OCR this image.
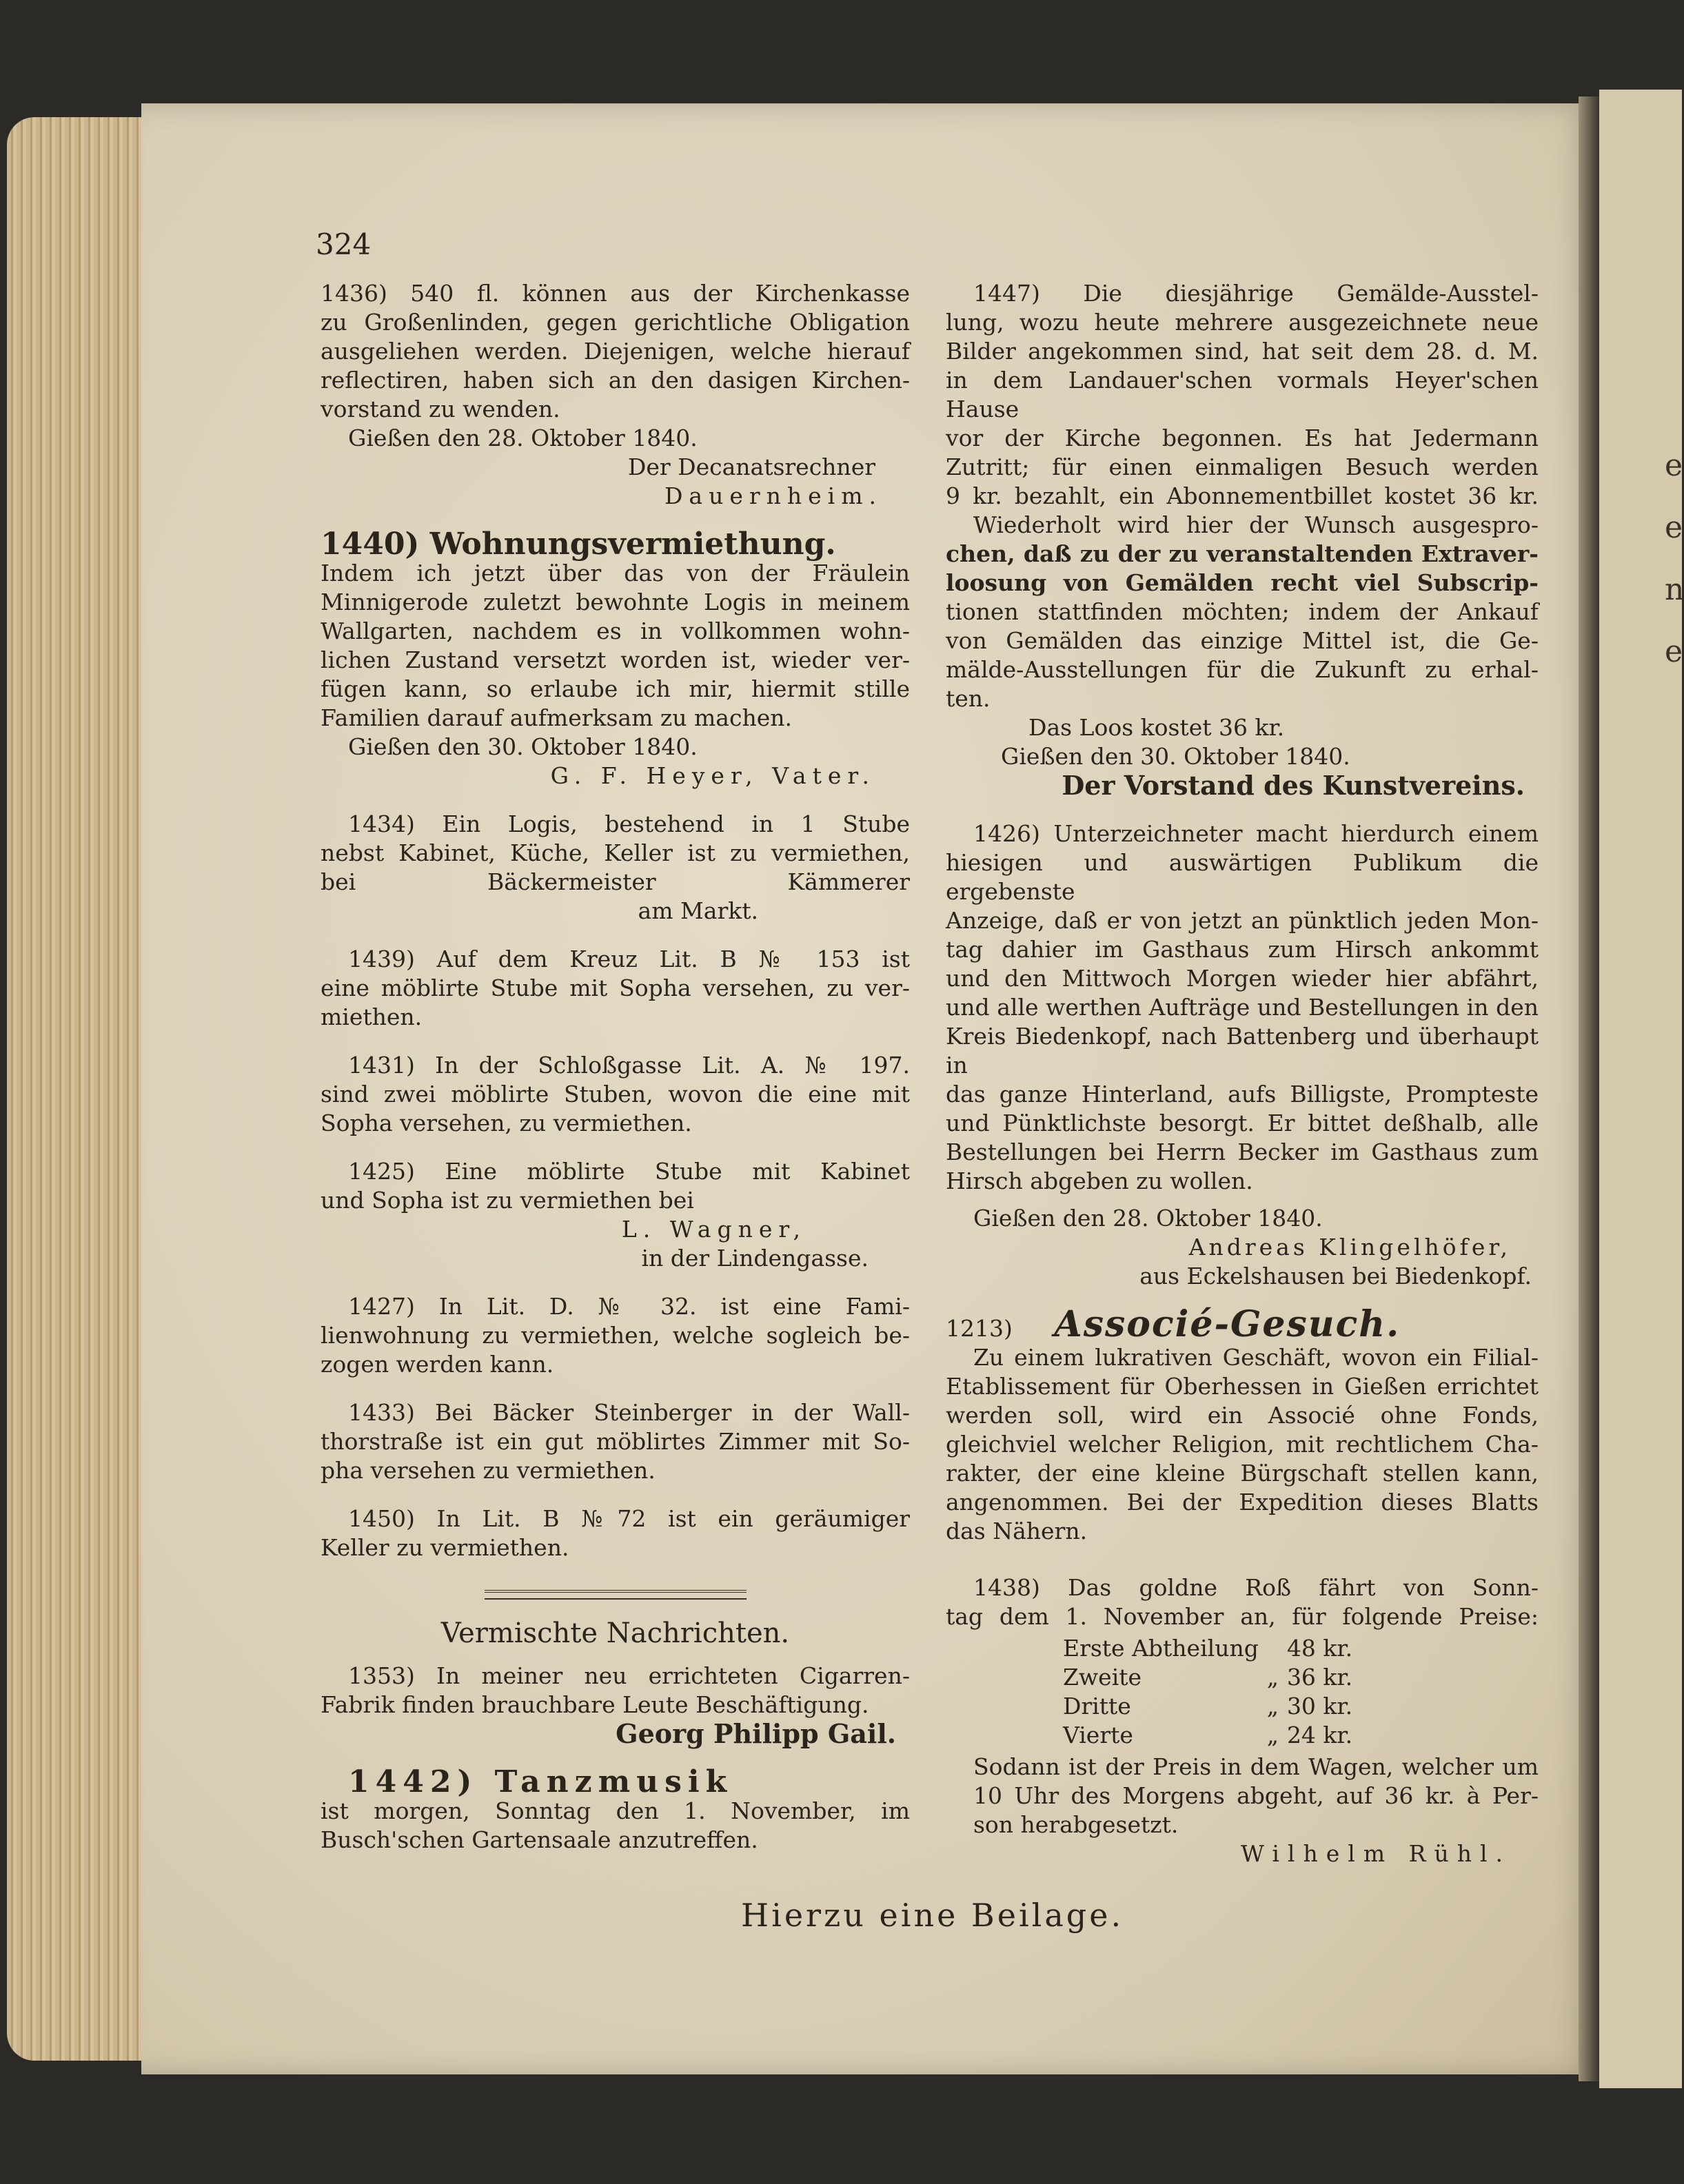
e
e
n
e
324

1436) 540 fl. können aus der Kirchenkasse

zu Großenlinden, gegen gerichtliche Obligation

ausgeliehen werden. Diejenigen, welche hierauf

reflectiren, haben sich an den dasigen Kirchen-

vorstand zu wenden.

Gießen den 28. Oktober 1840.

Der Decanatsrechner

Dauernheim.

1440) Wohnungsvermiethung.

Indem ich jetzt über das von der Fräulein

Minnigerode zuletzt bewohnte Logis in meinem

Wallgarten, nachdem es in vollkommen wohn-

lichen Zustand versetzt worden ist, wieder ver-

fügen kann, so erlaube ich mir, hiermit stille

Familien darauf aufmerksam zu machen.

Gießen den 30. Oktober 1840.

G. F. Heyer, Vater.

1434) Ein Logis, bestehend in 1 Stube

nebst Kabinet, Küche, Keller ist zu vermiethen,

bei Bäckermeister Kämmerer

am Markt.

1439) Auf dem Kreuz Lit. B № 153 ist

eine möblirte Stube mit Sopha versehen, zu ver-

miethen.

1431) In der Schloßgasse Lit. A. № 197.

sind zwei möblirte Stuben, wovon die eine mit

Sopha versehen, zu vermiethen.

1425) Eine möblirte Stube mit Kabinet

und Sopha ist zu vermiethen bei

L. Wagner,

in der Lindengasse.

1427) In Lit. D. № 32. ist eine Fami-

lienwohnung zu vermiethen, welche sogleich be-

zogen werden kann.

1433) Bei Bäcker Steinberger in der Wall-

thorstraße ist ein gut möblirtes Zimmer mit So-

pha versehen zu vermiethen.

1450) In Lit. B №72 ist ein geräumiger

Keller zu vermiethen.

Vermischte Nachrichten.

1353) In meiner neu errichteten Cigarren-

Fabrik finden brauchbare Leute Beschäftigung.

Georg Philipp Gail.

1442) Tanzmusik

ist morgen, Sonntag den 1. November, im

Busch'schen Gartensaale anzutreffen.

1447) Die diesjährige Gemälde-Ausstel-

lung, wozu heute mehrere ausgezeichnete neue

Bilder angekommen sind, hat seit dem 28. d. M.

in dem Landauer'schen vormals Heyer'schen Hause

vor der Kirche begonnen. Es hat Jedermann

Zutritt; für einen einmaligen Besuch werden

9 kr. bezahlt, ein Abonnementbillet kostet 36 kr.

Wiederholt wird hier der Wunsch ausgespro-

chen, daß zu der zu veranstaltenden Extraver-

loosung von Gemälden recht viel Subscrip-

tionen stattfinden möchten; indem der Ankauf

von Gemälden das einzige Mittel ist, die Ge-

mälde-Ausstellungen für die Zukunft zu erhal-

ten.

Das Loos kostet 36 kr.

Gießen den 30. Oktober 1840.

Der Vorstand des Kunstvereins.

1426) Unterzeichneter macht hierdurch einem

hiesigen und auswärtigen Publikum die ergebenste

Anzeige, daß er von jetzt an pünktlich jeden Mon-

tag dahier im Gasthaus zum Hirsch ankommt

und den Mittwoch Morgen wieder hier abfährt,

und alle werthen Aufträge und Bestellungen in den

Kreis Biedenkopf, nach Battenberg und überhaupt in

das ganze Hinterland, aufs Billigste, Prompteste

und Pünktlichste besorgt. Er bittet deßhalb, alle

Bestellungen bei Herrn Becker im Gasthaus zum

Hirsch abgeben zu wollen.

Gießen den 28. Oktober 1840.

Andreas Klingelhöfer,

aus Eckelshausen bei Biedenkopf.

1213) Associé-Gesuch.

Zu einem lukrativen Geschäft, wovon ein Filial-

Etablissement für Oberhessen in Gießen errichtet

werden soll, wird ein Associé ohne Fonds,

gleichviel welcher Religion, mit rechtlichem Cha-

rakter, der eine kleine Bürgschaft stellen kann,

angenommen. Bei der Expedition dieses Blatts

das Nähern.

1438) Das goldne Roß fährt von Sonn-

tag dem 1. November an, für folgende Preise:

Erste Abtheilung		48 kr.
Zweite	„	36 kr.
Dritte	„	30 kr.
Vierte	„	24 kr.

Sodann ist der Preis in dem Wagen, welcher um

10 Uhr des Morgens abgeht, auf 36 kr. à Per-

son herabgesetzt.

Wilhelm Rühl.

Hierzu eine Beilage.
